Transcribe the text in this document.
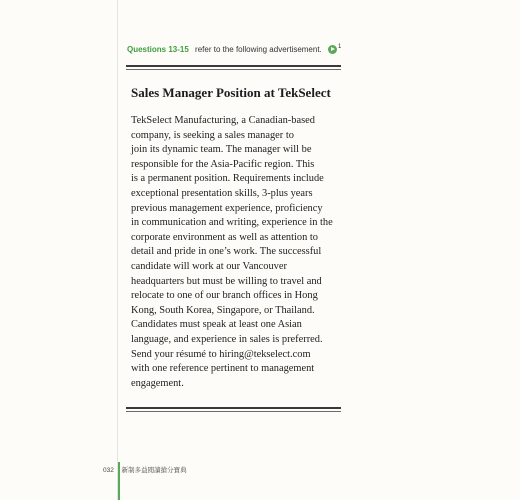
Questions 13-15 refer to the following advertisement.	$^1$
Sales Manager Position at TekSelect
TekSelect Manufacturing, a Canadian-based
company, is seeking a sales manager to
join its dynamic team. The manager will be
responsible for the Asia-Pacific region. This
is a permanent position. Requirements include
exceptional presentation skills, 3-plus years
previous management experience, proficiency
in communication and writing, experience in the
corporate environment as well as attention to
detail and pride in one’s work. The successful
candidate will work at our Vancouver
headquarters but must be willing to travel and
relocate to one of our branch offices in Hong
Kong, South Korea, Singapore, or Thailand.
Candidates must speak at least one Asian
language, and experience in sales is preferred.
Send your résumé to hiring@tekselect.com
with one reference pertinent to management
engagement.
032 新制多益閱讀搶分寶典
